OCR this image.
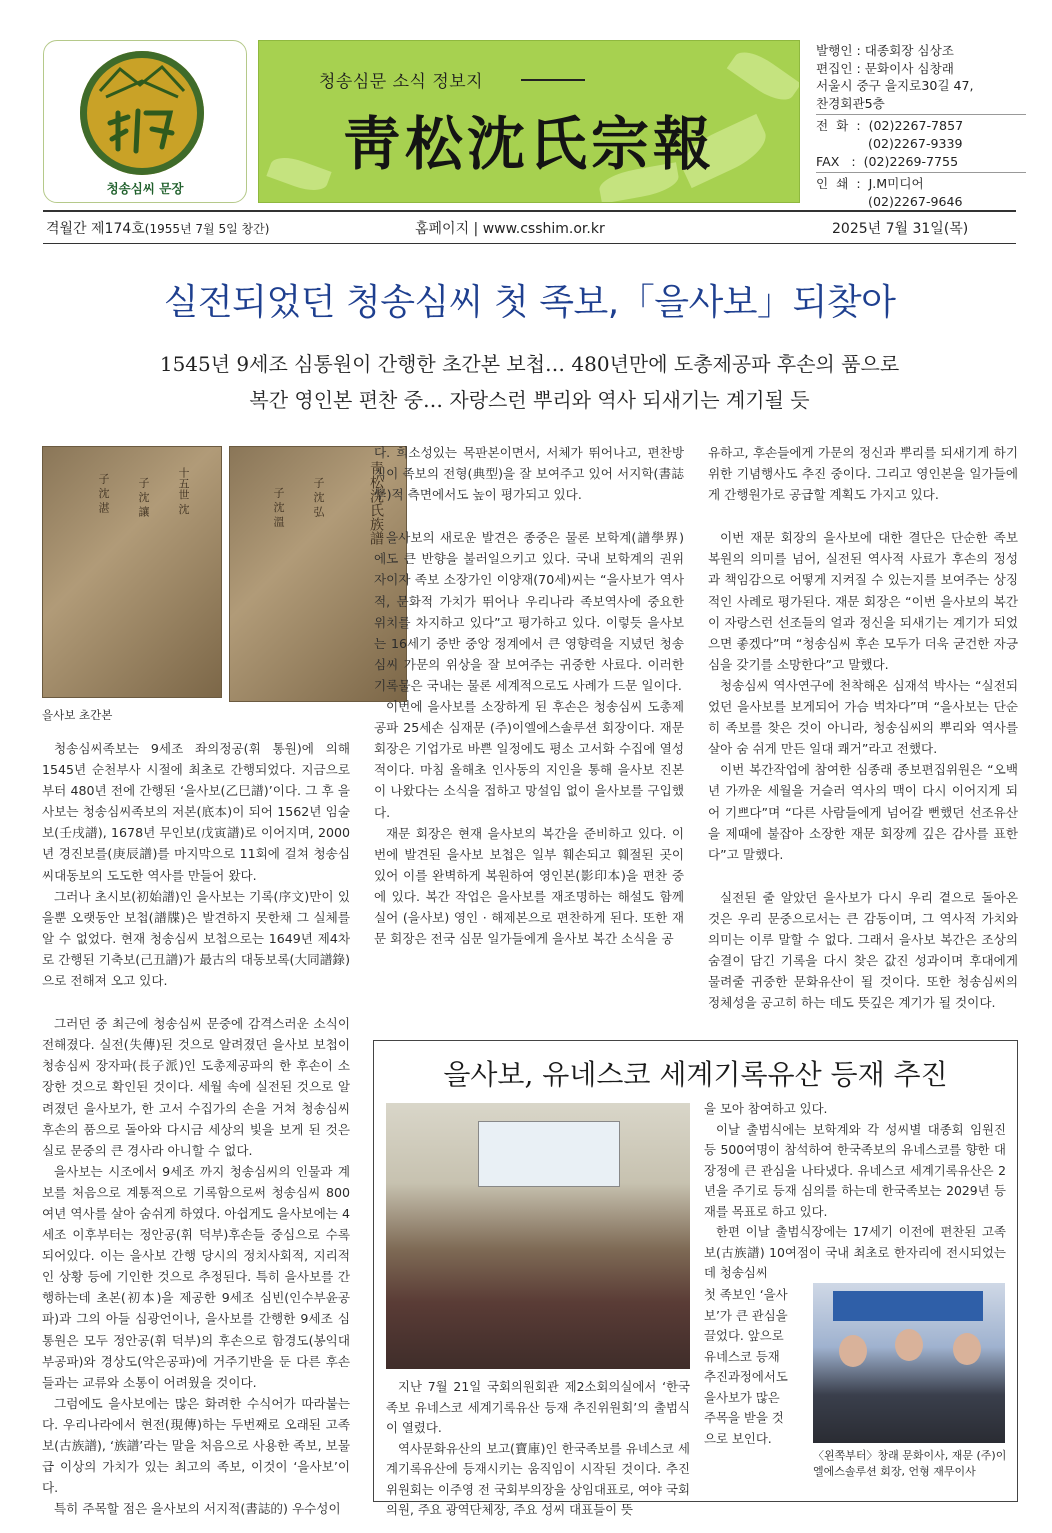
청송심씨 문장
청송심문 소식 정보지
靑松沈氏宗報
발행인 : 대종회장 심상조
편집인 : 문화이사 심창래
서울시 중구 을지로30길 47,
찬경회관5층
전  화  :  (02)2267-7857
(02)2267-9339
FAX   :  (02)2269-7755
인  쇄  :  J.M미디어
(02)2267-9646
격월간 제174호(1955년 7월 5일 창간)	홈페이지 | www.csshim.or.kr	2025년 7월 31일(목)
실전되었던 청송심씨 첫 족보,「을사보」되찾아
1545년 9세조 심통원이 간행한 초간본 보첩… 480년만에 도총제공파 후손의 품으로
복간 영인본 편찬 중… 자랑스런 뿌리와 역사 되새기는 계기될 듯
十五世 沈
子 沈 讓
子 沈 湛	靑松沈氏族譜
子 沈 弘
子 沈 溫
을사보 초간본

청송심씨족보는 9세조 좌의정공(휘 통원)에 의해 1545년 순천부사 시절에 최초로 간행되었다. 지금으로부터 480년 전에 간행된 ‘을사보(乙巳譜)’이다. 그 후 을사보는 청송심씨족보의 저본(底本)이 되어 1562년 임술보(壬戌譜), 1678년 무인보(戊寅譜)로 이어지며, 2000년 경진보를(庚辰譜)를 마지막으로 11회에 걸쳐 청송심씨대동보의 도도한 역사를 만들어 왔다.

그러나 초시보(初始譜)인 을사보는 기록(序文)만이 있을뿐 오랫동안 보첩(譜牒)은 발견하지 못한채 그 실체를 알 수 없었다. 현재 청송심씨 보첩으로는 1649년 제4차로 간행된 기축보(己丑譜)가 最古의 대동보록(大同譜錄)으로 전해져 오고 있다.

그러던 중 최근에 청송심씨 문중에 감격스러운 소식이 전해졌다. 실전(失傳)된 것으로 알려졌던 을사보 보첩이 청송심씨 장자파(長子派)인 도총제공파의 한 후손이 소장한 것으로 확인된 것이다. 세월 속에 실전된 것으로 알려졌던 을사보가, 한 고서 수집가의 손을 거쳐 청송심씨 후손의 품으로 돌아와 다시금 세상의 빛을 보게 된 것은 실로 문중의 큰 경사라 아니할 수 없다.

을사보는 시조에서 9세조 까지 청송심씨의 인물과 계보를 처음으로 계통적으로 기록함으로써 청송심씨 800여년 역사를 살아 숨쉬게 하였다. 아쉽게도 을사보에는 4세조 이후부터는 정안공(휘 덕부)후손들 중심으로 수록되어있다. 이는 을사보 간행 당시의 정치사회적, 지리적인 상황 등에 기인한 것으로 추정된다. 특히 을사보를 간행하는데 초본(初本)을 제공한 9세조 심빈(인수부윤공파)과 그의 아들 심광언이나, 을사보를 간행한 9세조 심통원은 모두 정안공(휘 덕부)의 후손으로 함경도(봉익대부공파)와 경상도(악은공파)에 거주기반을 둔 다른 후손들과는 교류와 소통이 어려웠을 것이다.

그럼에도 을사보에는 많은 화려한 수식어가 따라붙는다. 우리나라에서 현전(現傳)하는 두번째로 오래된 고족보(古族譜), ‘族譜’라는 말을 처음으로 사용한 족보, 보물급 이상의 가치가 있는 최고의 족보, 이것이 ‘을사보’이다.

특히 주목할 점은 을사보의 서지적(書誌的) 우수성이

다. 희소성있는 목판본이면서, 서체가 뛰어나고, 편찬방식이 족보의 전형(典型)을 잘 보여주고 있어 서지학(書誌學)적 측면에서도 높이 평가되고 있다.

을사보의 새로운 발견은 종중은 물론 보학계(譜學界)에도 큰 반향을 불러일으키고 있다. 국내 보학계의 권위자이자 족보 소장가인 이양재(70세)씨는 “을사보가 역사적, 문화적 가치가 뛰어나 우리나라 족보역사에 중요한 위치를 차지하고 있다”고 평가하고 있다. 이렇듯 을사보는 16세기 중반 중앙 정계에서 큰 영향력을 지녔던 청송심씨 가문의 위상을 잘 보여주는 귀중한 사료다. 이러한 기록물은 국내는 물론 세계적으로도 사례가 드문 일이다.

이번에 을사보를 소장하게 된 후손은 청송심씨 도총제공파 25세손 심재문 (주)이엘에스솔루션 회장이다. 재문 회장은 기업가로 바쁜 일정에도 평소 고서화 수집에 열성적이다. 마침 올해초 인사동의 지인을 통해 을사보 진본이 나왔다는 소식을 접하고 망설임 없이 을사보를 구입했다.

재문 회장은 현재 을사보의 복간을 준비하고 있다. 이번에 발견된 을사보 보첩은 일부 훼손되고 훼절된 곳이 있어 이를 완벽하게 복원하여 영인본(影印本)을 편찬 중에 있다. 복간 작업은 을사보를 재조명하는 해설도 함께 실어 (을사보) 영인 · 해제본으로 편찬하게 된다. 또한 재문 회장은 전국 심문 일가들에게 을사보 복간 소식을 공

유하고, 후손들에게 가문의 정신과 뿌리를 되새기게 하기 위한 기념행사도 추진 중이다. 그리고 영인본을 일가들에게 간행원가로 공급할 계획도 가지고 있다.

이번 재문 회장의 을사보에 대한 결단은 단순한 족보 복원의 의미를 넘어, 실전된 역사적 사료가 후손의 정성과 책임감으로 어떻게 지켜질 수 있는지를 보여주는 상징적인 사례로 평가된다. 재문 회장은 “이번 을사보의 복간이 자랑스런 선조들의 얼과 정신을 되새기는 계기가 되었으면 좋겠다”며 “청송심씨 후손 모두가 더욱 굳건한 자긍심을 갖기를 소망한다”고 말했다.

청송심씨 역사연구에 천착해온 심재석 박사는 “실전되었던 을사보를 보게되어 가슴 벅차다”며 “을사보는 단순히 족보를 찾은 것이 아니라, 청송심씨의 뿌리와 역사를 살아 숨 쉬게 만든 일대 쾌거”라고 전했다.

이번 복간작업에 참여한 심종래 종보편집위원은 “오백년 가까운 세월을 거슬러 역사의 맥이 다시 이어지게 되어 기쁘다”며 “다른 사람들에게 넘어갈 뻔했던 선조유산을 제때에 불잡아 소장한 재문 회장께 깊은 감사를 표한다”고 말했다.

실전된 줄 알았던 을사보가 다시 우리 곁으로 돌아온 것은 우리 문중으로서는 큰 감동이며, 그 역사적 가치와 의미는 이루 말할 수 없다. 그래서 을사보 복간은 조상의 숨결이 담긴 기록을 다시 찾은 값진 성과이며 후대에게 물려줄 귀중한 문화유산이 될 것이다. 또한 청송심씨의 정체성을 공고히 하는 데도 뜻깊은 계기가 될 것이다.

을사보, 유네스코 세계기록유산 등재 추진

지난 7월 21일 국회의원회관 제2소회의실에서 ‘한국족보 유네스코 세계기록유산 등재 추진위원회’의 출범식이 열렸다.

역사문화유산의 보고(寶庫)인 한국족보를 유네스코 세계기록유산에 등재시키는 움직임이 시작된 것이다. 추진위원회는 이주영 전 국회부의장을 상임대표로, 여야 국회의원, 주요 광역단체장, 주요 성씨 대표들이 뜻

을 모아 참여하고 있다.

이날 출범식에는 보학계와 각 성씨별 대종회 임원진 등 500여명이 참석하여 한국족보의 유네스코를 향한 대장정에 큰 관심을 나타냈다. 유네스코 세계기록유산은 2년을 주기로 등재 심의를 하는데 한국족보는 2029년 등재를 목표로 하고 있다.

한편 이날 출범식장에는 17세기 이전에 편찬된 고족보(古族譜) 10여점이 국내 최초로 한자리에 전시되었는데 청송심씨

첫 족보인 ‘을사보’가 큰 관심을 끌었다. 앞으로 유네스코 등재 추진과정에서도 을사보가 많은 주목을 받을 것으로 보인다.

〈왼쪽부터〉창래 문화이사, 재문 (주)이
엘에스솔루션 회장, 언형 재무이사
